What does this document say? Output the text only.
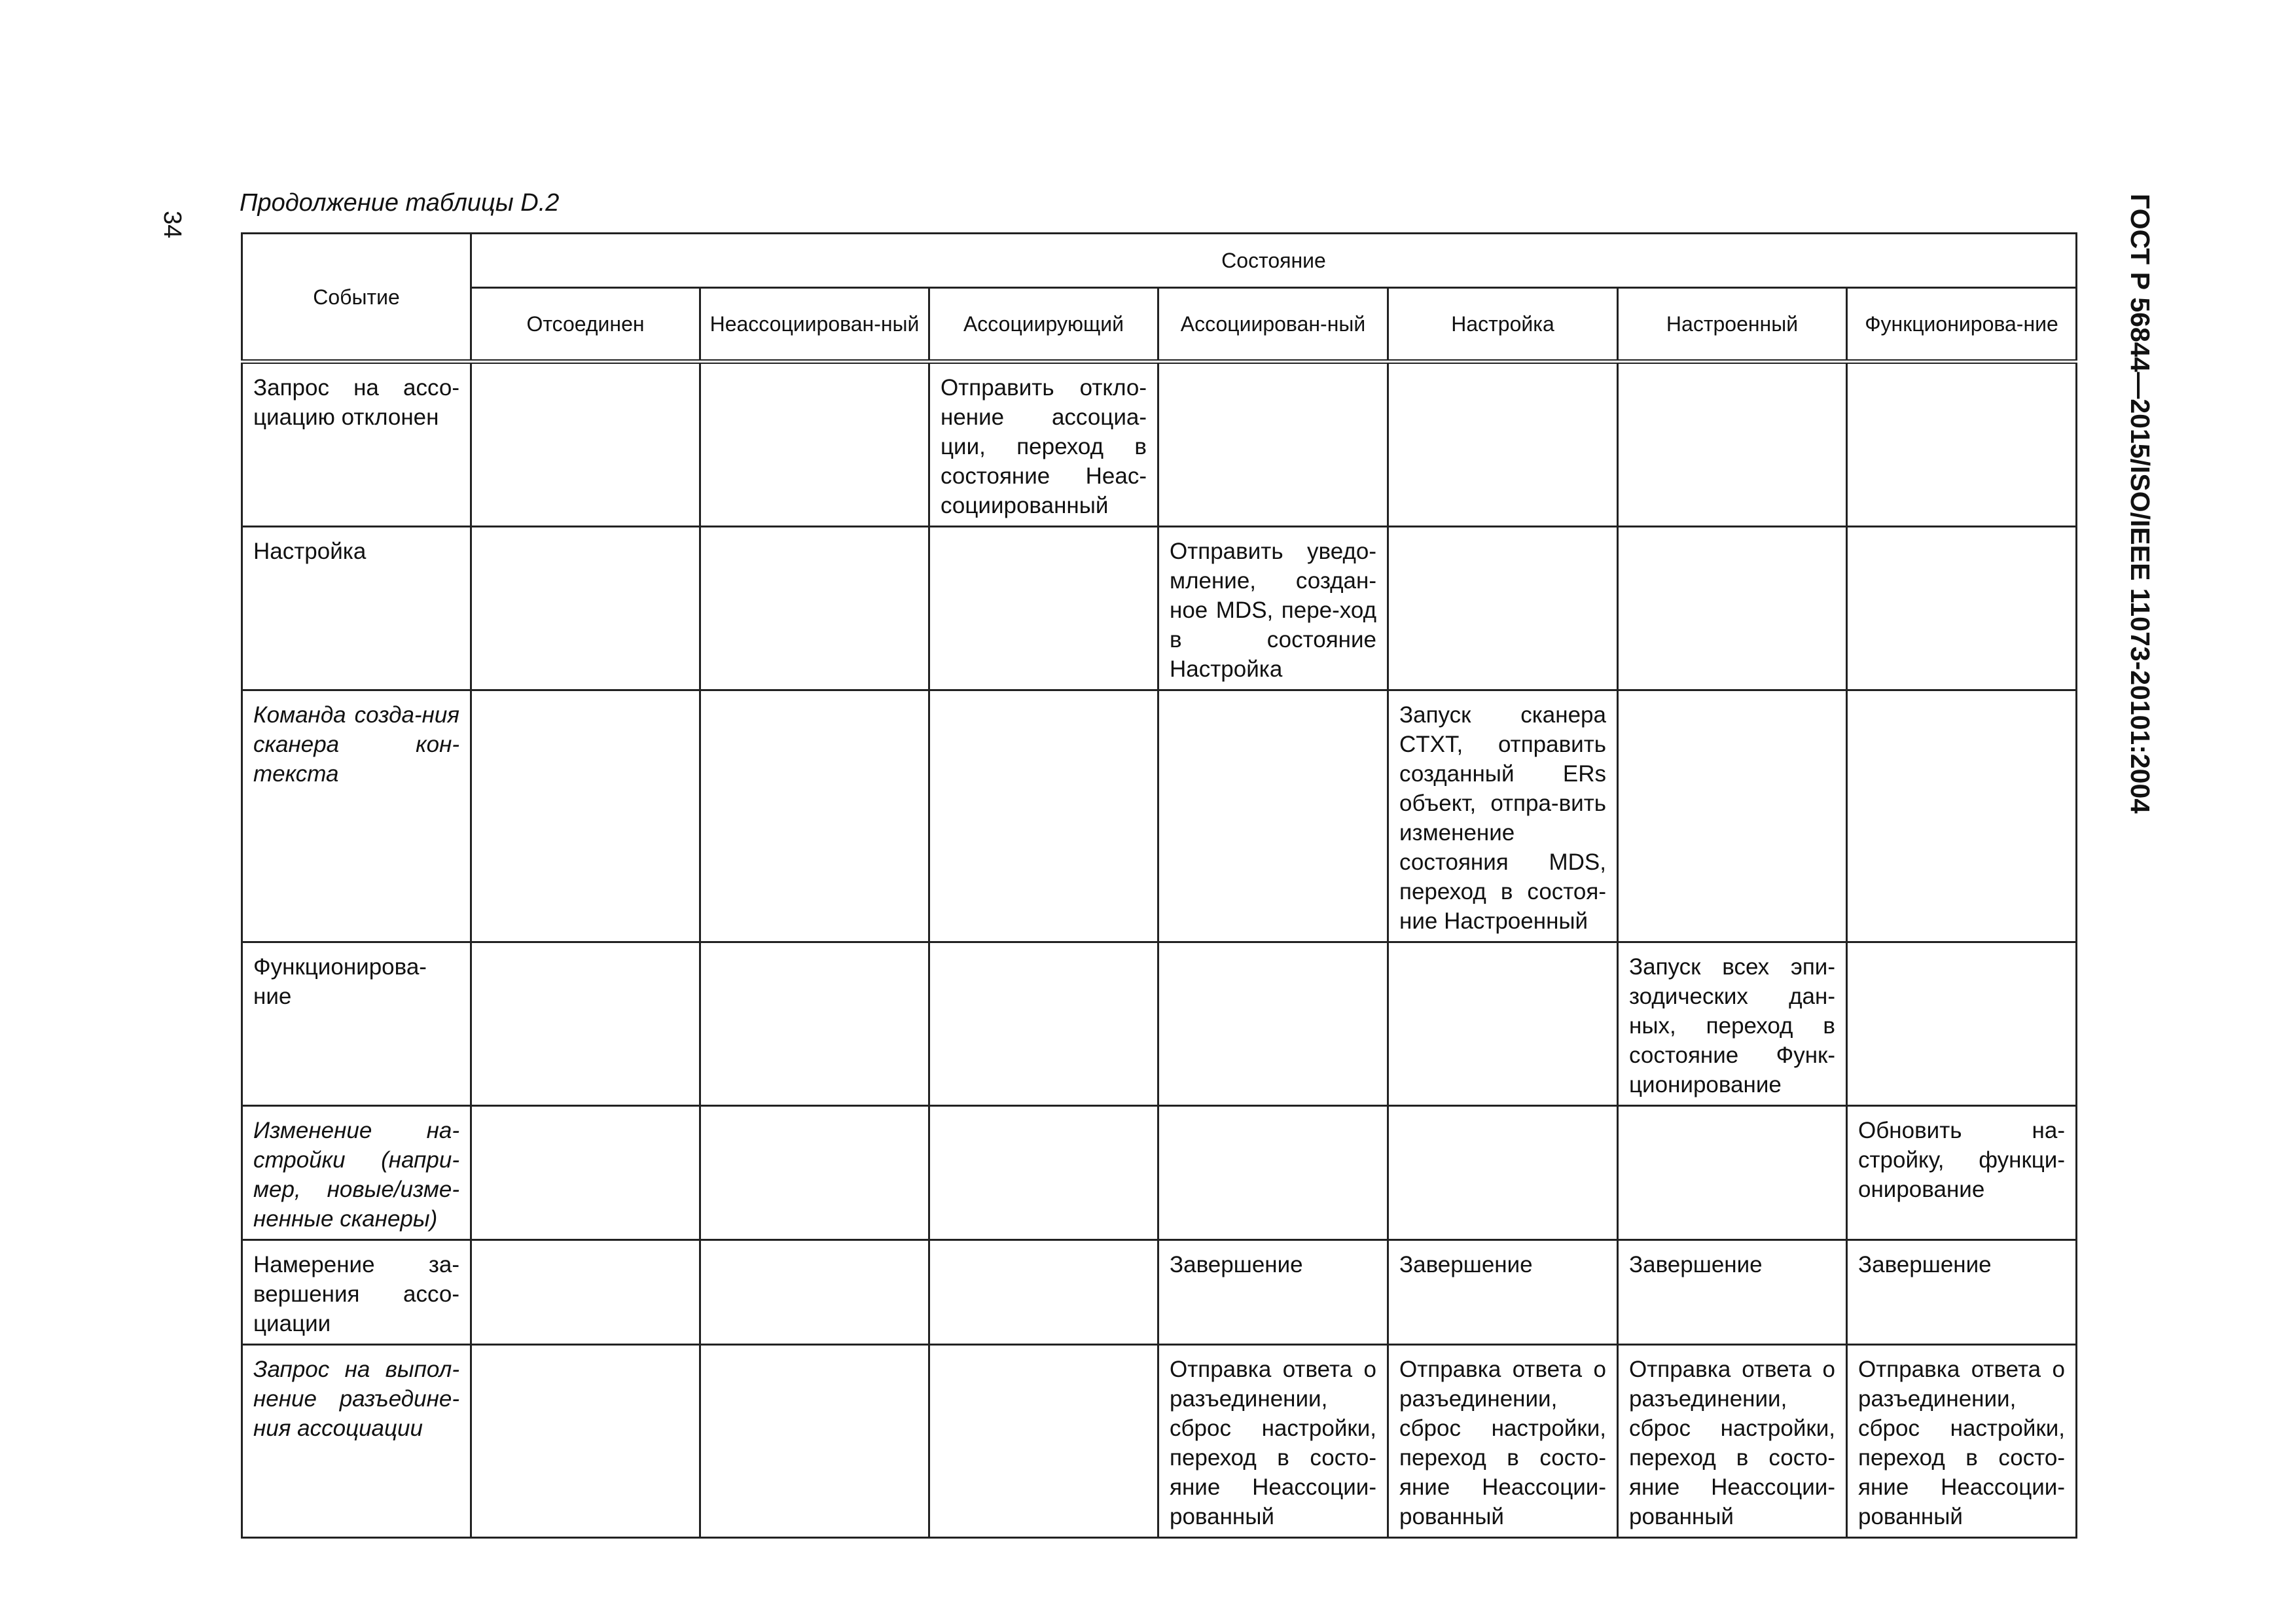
34
Продолжение таблицы D.2	ГОСТ Р 56844—2015/ISO/IEEE 11073-20101:2004
Событие	Состояние						
	Отсоединен	Неассоциирован-ный	Ассоциирующий	Ассоциирован-ный	Настройка	Настроенный	Функционирова-ние
Запрос на ассо-циацию отклонен			Отправить откло-нение ассоциа-ции, переход в состояние Неас-социированный				
Настройка				Отправить уведо-мление, создан-ное MDS, пере-ход в состояние Настройка			
Команда созда-ния сканера кон-текста					Запуск сканера CTXT, отправить созданный ERs объект, отпра-вить изменение состояния MDS, переход в состоя-ние Настроенный		
Функционирова-ние						Запуск всех эпи-зодических дан-ных, переход в состояние Функ-ционирование	
Изменение на-стройки (напри-мер, новые/изме-ненные сканеры)							Обновить на-стройку, функци-онирование
Намерение за-вершения ассо-циации				Завершение	Завершение	Завершение	Завершение
Запрос на выпол-нение разъедине-ния ассоциации				Отправка ответа о разъединении, сброс настройки, переход в состо-яние Неассоции-рованный	Отправка ответа о разъединении, сброс настройки, переход в состо-яние Неассоции-рованный	Отправка ответа о разъединении, сброс настройки, переход в состо-яние Неассоции-рованный	Отправка ответа о разъединении, сброс настройки, переход в состо-яние Неассоции-рованный
